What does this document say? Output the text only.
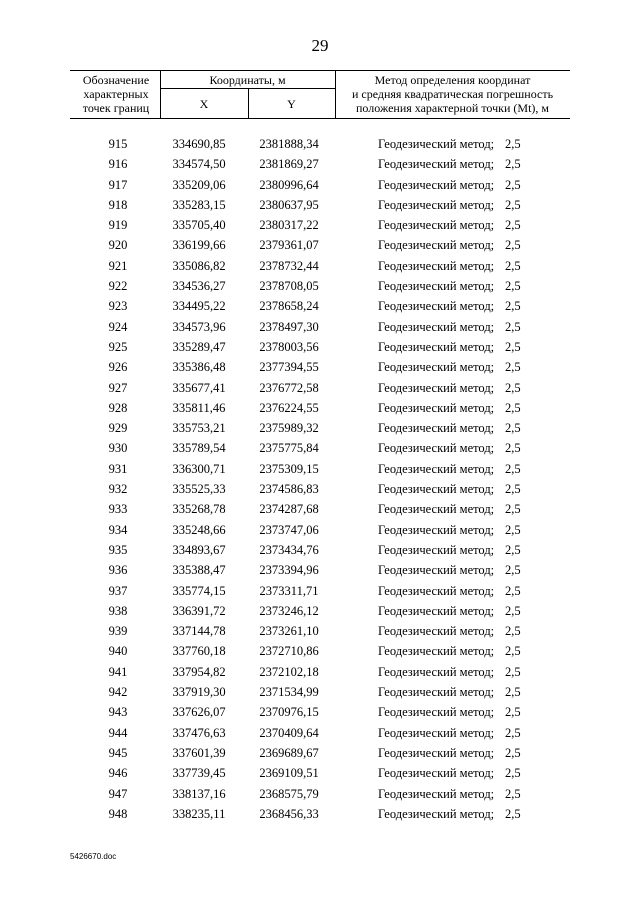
29
Обозначение
характерных
точек границ
Координаты, м
X	Y
Метод определения координат
и средняя квадратическая погрешность
положения характерной точки (Mt), м
915	334690,85	2381888,34	Геодезический метод; 2,5
916	334574,50	2381869,27	Геодезический метод; 2,5
917	335209,06	2380996,64	Геодезический метод; 2,5
918	335283,15	2380637,95	Геодезический метод; 2,5
919	335705,40	2380317,22	Геодезический метод; 2,5
920	336199,66	2379361,07	Геодезический метод; 2,5
921	335086,82	2378732,44	Геодезический метод; 2,5
922	334536,27	2378708,05	Геодезический метод; 2,5
923	334495,22	2378658,24	Геодезический метод; 2,5
924	334573,96	2378497,30	Геодезический метод; 2,5
925	335289,47	2378003,56	Геодезический метод; 2,5
926	335386,48	2377394,55	Геодезический метод; 2,5
927	335677,41	2376772,58	Геодезический метод; 2,5
928	335811,46	2376224,55	Геодезический метод; 2,5
929	335753,21	2375989,32	Геодезический метод; 2,5
930	335789,54	2375775,84	Геодезический метод; 2,5
931	336300,71	2375309,15	Геодезический метод; 2,5
932	335525,33	2374586,83	Геодезический метод; 2,5
933	335268,78	2374287,68	Геодезический метод; 2,5
934	335248,66	2373747,06	Геодезический метод; 2,5
935	334893,67	2373434,76	Геодезический метод; 2,5
936	335388,47	2373394,96	Геодезический метод; 2,5
937	335774,15	2373311,71	Геодезический метод; 2,5
938	336391,72	2373246,12	Геодезический метод; 2,5
939	337144,78	2373261,10	Геодезический метод; 2,5
940	337760,18	2372710,86	Геодезический метод; 2,5
941	337954,82	2372102,18	Геодезический метод; 2,5
942	337919,30	2371534,99	Геодезический метод; 2,5
943	337626,07	2370976,15	Геодезический метод; 2,5
944	337476,63	2370409,64	Геодезический метод; 2,5
945	337601,39	2369689,67	Геодезический метод; 2,5
946	337739,45	2369109,51	Геодезический метод; 2,5
947	338137,16	2368575,79	Геодезический метод; 2,5
948	338235,11	2368456,33	Геодезический метод; 2,5
5426670.doc
